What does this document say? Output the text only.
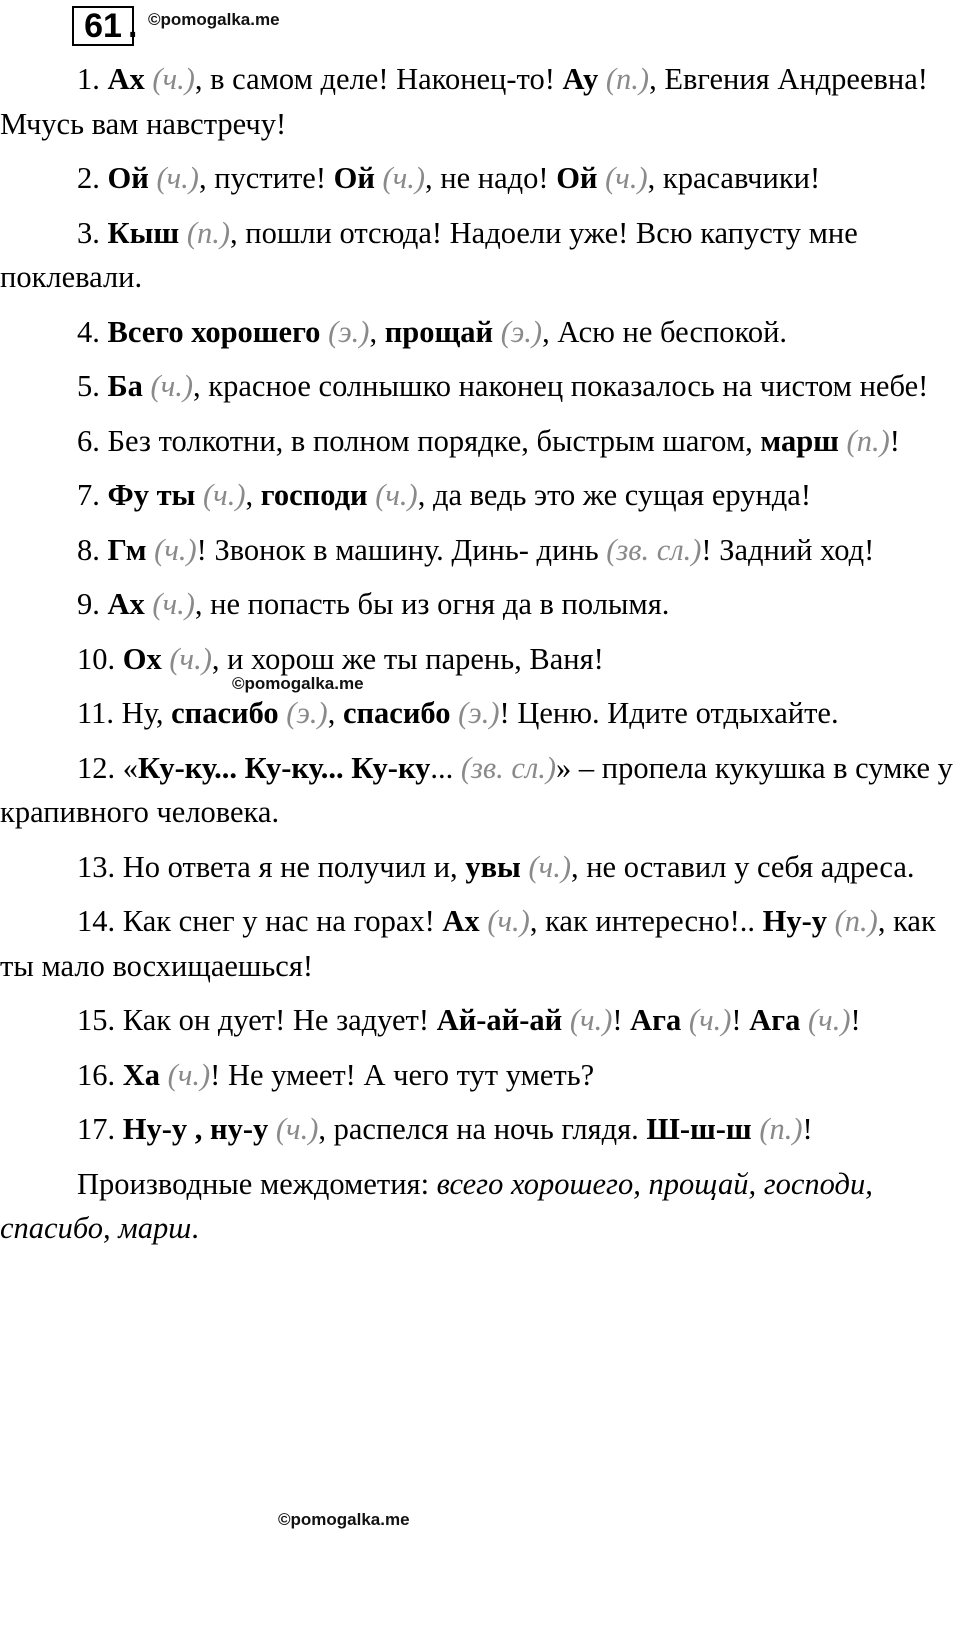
61 . ©pomogalka.me

1. Ах (ч.), в самом деле! Наконец-то! Ау (п.), Евгения Андреевна! Мчусь вам навстречу!

2. Ой (ч.), пустите! Ой (ч.), не надо! Ой (ч.), красавчики!

3. Кыш (п.), пошли отсюда! Надоели уже! Всю капусту мне поклевали.

4. Всего хорошего (э.), прощай (э.), Асю не беспокой.

5. Ба (ч.), красное солнышко наконец показалось на чистом небе!

6. Без толкотни, в полном порядке, быстрым шагом, марш (п.)!

7. Фу ты (ч.), господи (ч.), да ведь это же сущая ерунда!

8. Гм (ч.)! Звонок в машину. Динь- динь (зв. сл.)! Задний ход!

9. Ах (ч.), не попасть бы из огня да в полымя.

10. Ох (ч.), и хорош же ты парень, Ваня!

11. Ну, спасибо (э.), спасибо (э.)! Ценю. Идите отдыхайте.

12. «Ку-ку... Ку-ку... Ку-ку... (зв. сл.)» – пропела кукушка в сумке у крапивного человека.

13. Но ответа я не получил и, увы (ч.), не оставил у себя адреса.

14. Как снег у нас на горах! Ах (ч.), как интересно!.. Ну-у (п.), как ты мало восхищаешься!

15. Как он дует! Не задует! Ай-ай-ай (ч.)! Ага (ч.)! Ага (ч.)!

16. Ха (ч.)! Не умеет! А чего тут уметь?

17. Ну-у , ну-у (ч.), распелся на ночь глядя. Ш-ш-ш (п.)!

Производные междометия: всего хорошего, прощай, господи, спасибо, марш.

©pomogalka.me
©pomogalka.me
